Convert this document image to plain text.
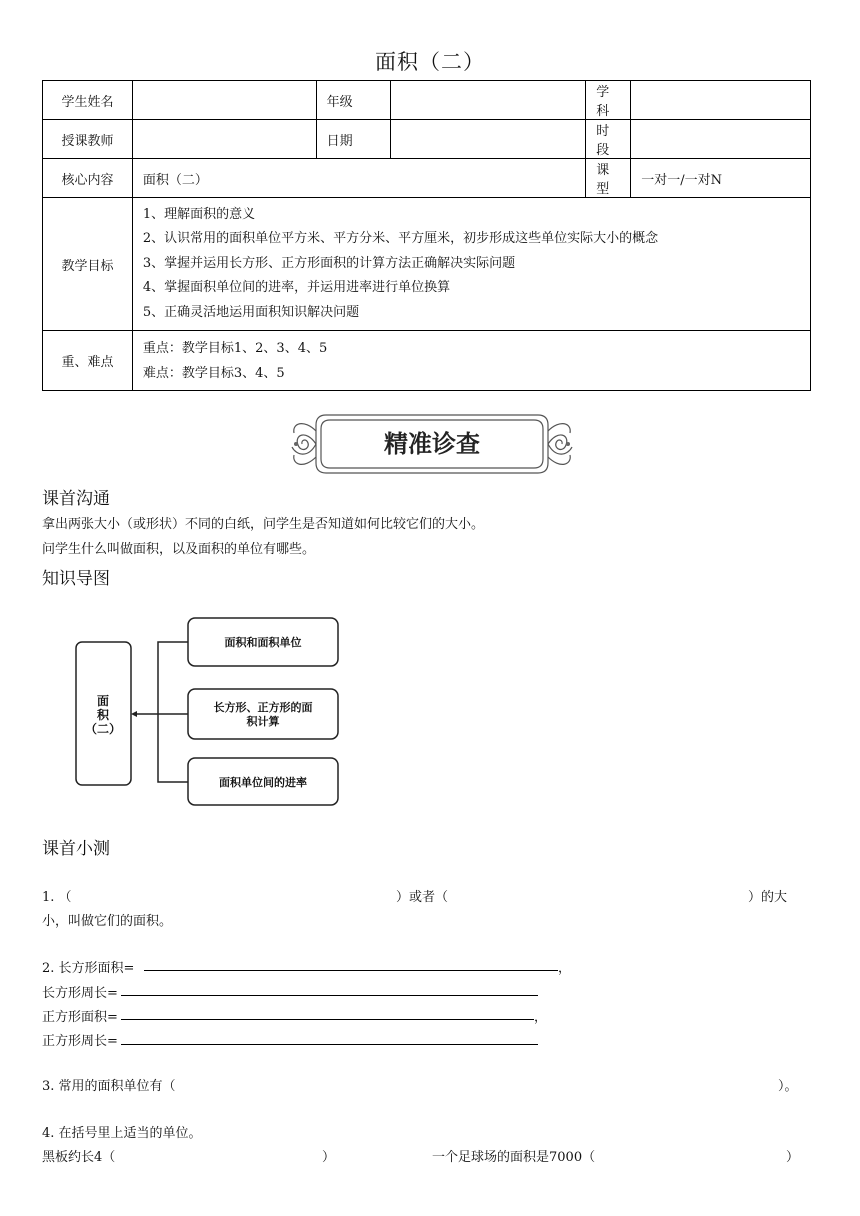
面积（二）
学生姓名		年级		学科	
授课教师		日期		时段	
核心内容	面积（二）			课型	一对一/一对N
教学目标	1、理解面积的意义
2、认识常用的面积单位平方米、平方分米、平方厘米，初步形成这些单位实际大小的概念
3、掌握并运用长方形、正方形面积的计算方法正确解决实际问题
4、掌握面积单位间的进率，并运用进率进行单位换算
5、正确灵活地运用面积知识解决问题				

重、难点	重点：教学目标1、2、3、4、5
难点：教学目标3、4、5				
精准诊查
课首沟通
拿出两张大小（或形状）不同的白纸，问学生是否知道如何比较它们的大小。
问学生什么叫做面积，以及面积的单位有哪些。
知识导图
面
积
（二）
面积和面积单位
长方形、正方形的面
积计算
面积单位间的进率
课首小测
1. （	）或者（	）的大
小，叫做它们的面积。
2. 长方形面积=	，
长方形周长=
正方形面积=	，
正方形周长=
3. 常用的面积单位有（	）。
4. 在括号里上适当的单位。
黑板约长4（	）	一个足球场的面积是7000（	）
